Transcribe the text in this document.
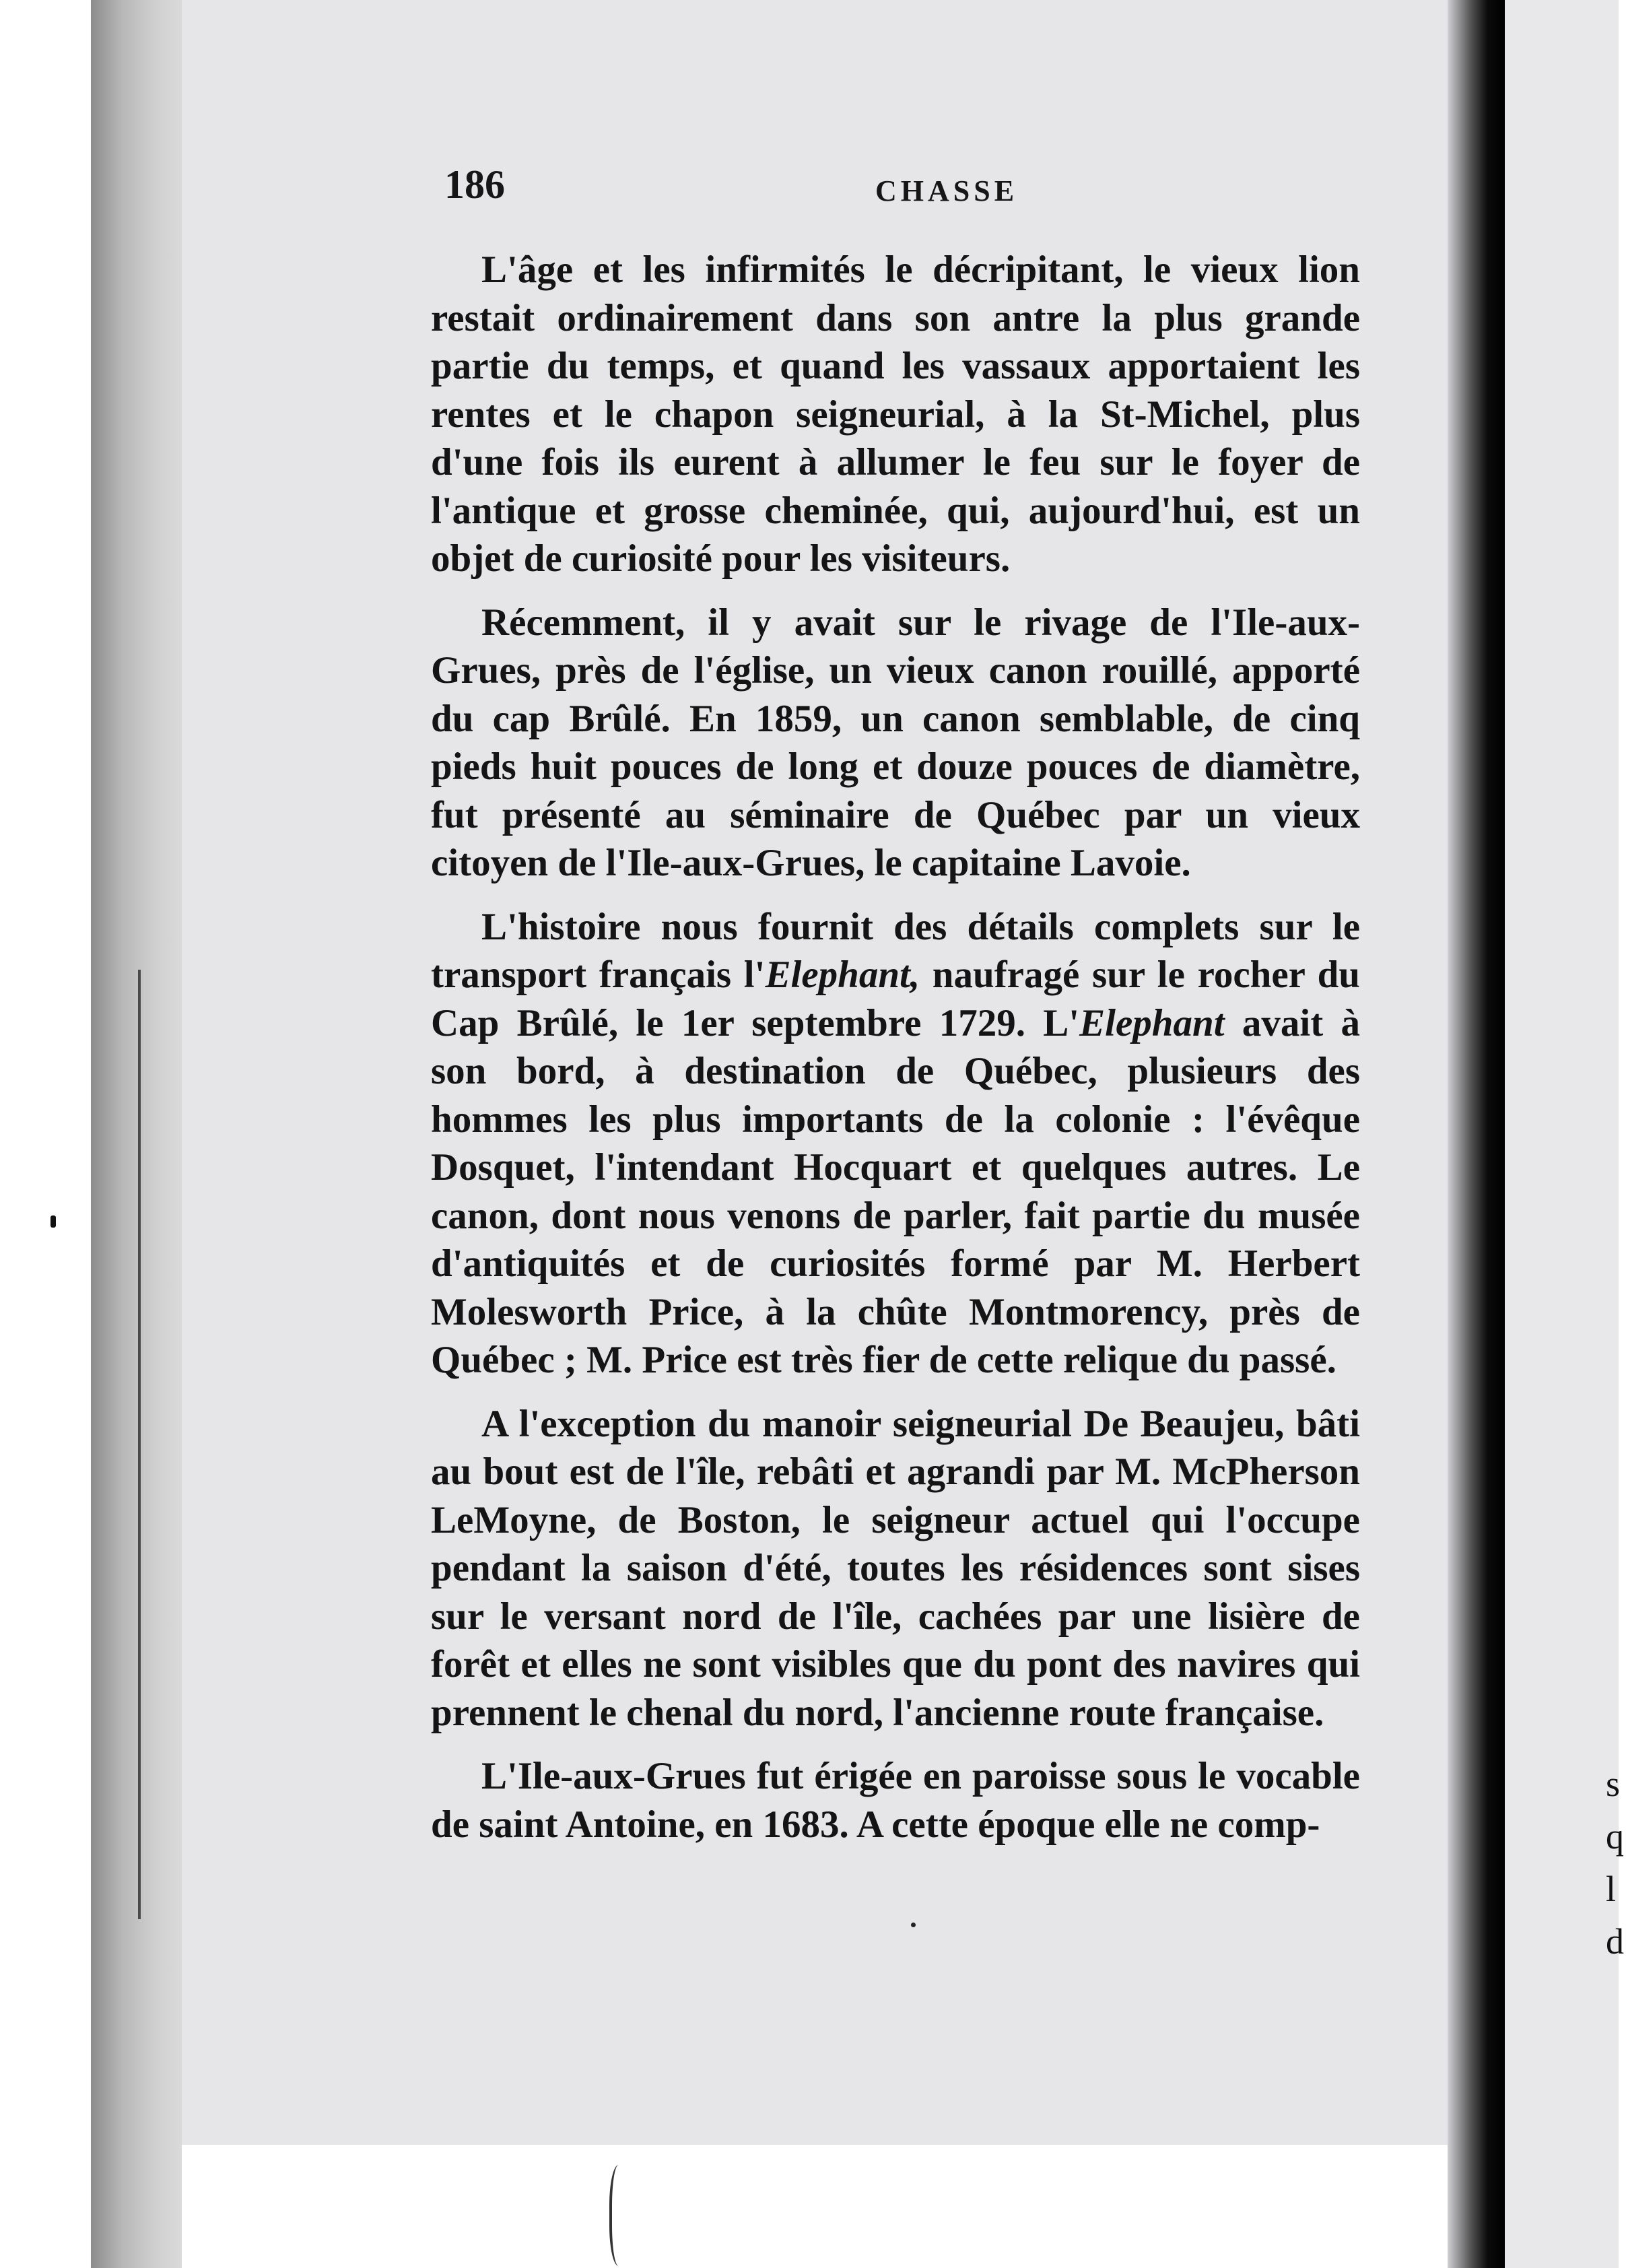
s
q
l
d
186	CHASSE

L'âge et les infirmités le décripitant, le vieux lion restait ordinairement dans son antre la plus grande partie du temps, et quand les vassaux apportaient les rentes et le chapon seigneurial, à la St-Michel, plus d'une fois ils eurent à allumer le feu sur le foyer de l'antique et grosse cheminée, qui, aujourd'hui, est un objet de curiosité pour les visiteurs.

Récemment, il y avait sur le rivage de l'Ile-aux-Grues, près de l'église, un vieux canon rouillé, apporté du cap Brûlé. En 1859, un canon semblable, de cinq pieds huit pouces de long et douze pouces de diamètre, fut présenté au séminaire de Québec par un vieux citoyen de l'Ile-aux-Grues, le capitaine Lavoie.

L'histoire nous fournit des détails complets sur le transport français l'Elephant, naufragé sur le rocher du Cap Brûlé, le 1er septembre 1729. L'Elephant avait à son bord, à destination de Québec, plusieurs des hommes les plus importants de la colonie : l'évêque Dosquet, l'intendant Hocquart et quelques autres. Le canon, dont nous venons de parler, fait partie du musée d'antiquités et de curiosités formé par M. Herbert Molesworth Price, à la chûte Montmorency, près de Québec ; M. Price est très fier de cette relique du passé.

A l'exception du manoir seigneurial De Beaujeu, bâti au bout est de l'île, rebâti et agrandi par M. McPherson LeMoyne, de Boston, le seigneur actuel qui l'occupe pendant la saison d'été, toutes les résidences sont sises sur le versant nord de l'île, cachées par une lisière de forêt et elles ne sont visibles que du pont des navires qui prennent le chenal du nord, l'ancienne route française.

L'Ile-aux-Grues fut érigée en paroisse sous le vocable de saint Antoine, en 1683. A cette époque elle ne comp-
